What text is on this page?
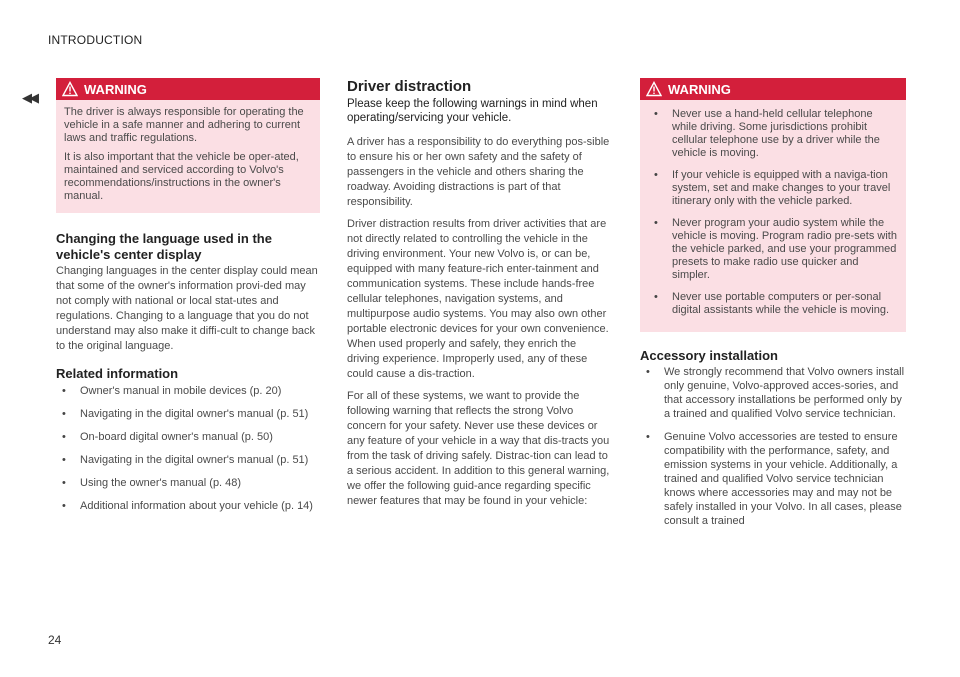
INTRODUCTION
◀◀
WARNING

The driver is always responsible for operating the vehicle in a safe manner and adhering to current laws and traffic regulations.

It is also important that the vehicle be oper-ated, maintained and serviced according to Volvo's recommendations/instructions in the owner's manual.

Changing the language used in the vehicle's center display

Changing languages in the center display could mean that some of the owner's information provi-ded may not comply with national or local stat-utes and regulations. Changing to a language that you do not understand may also make it diffi-cult to change back to the original language.

Related information
• Owner's manual in mobile devices (p. 20)
• Navigating in the digital owner's manual (p. 51)
• On-board digital owner's manual (p. 50)
• Navigating in the digital owner's manual (p. 51)
• Using the owner's manual (p. 48)
• Additional information about your vehicle (p. 14)
Driver distraction

Please keep the following warnings in mind when operating/servicing your vehicle.

A driver has a responsibility to do everything pos-sible to ensure his or her own safety and the safety of passengers in the vehicle and others sharing the roadway. Avoiding distractions is part of that responsibility.

Driver distraction results from driver activities that are not directly related to controlling the vehicle in the driving environment. Your new Volvo is, or can be, equipped with many feature-rich enter-tainment and communication systems. These include hands-free cellular telephones, navigation systems, and multipurpose audio systems. You may also own other portable electronic devices for your own convenience. When used properly and safely, they enrich the driving experience. Improperly used, any of these could cause a dis-traction.

For all of these systems, we want to provide the following warning that reflects the strong Volvo concern for your safety. Never use these devices or any feature of your vehicle in a way that dis-tracts you from the task of driving safely. Distrac-tion can lead to a serious accident. In addition to this general warning, we offer the following guid-ance regarding specific newer features that may be found in your vehicle:

WARNING
• Never use a hand-held cellular telephone while driving. Some jurisdictions prohibit cellular telephone use by a driver while the vehicle is moving.
• If your vehicle is equipped with a naviga-tion system, set and make changes to your travel itinerary only with the vehicle parked.
• Never program your audio system while the vehicle is moving. Program radio pre-sets with the vehicle parked, and use your programmed presets to make radio use quicker and simpler.
• Never use portable computers or per-sonal digital assistants while the vehicle is moving.
Accessory installation
• We strongly recommend that Volvo owners install only genuine, Volvo-approved acces-sories, and that accessory installations be performed only by a trained and qualified Volvo service technician.
• Genuine Volvo accessories are tested to ensure compatibility with the performance, safety, and emission systems in your vehicle. Additionally, a trained and qualified Volvo service technician knows where accessories may and may not be safely installed in your Volvo. In all cases, please consult a trained
24
